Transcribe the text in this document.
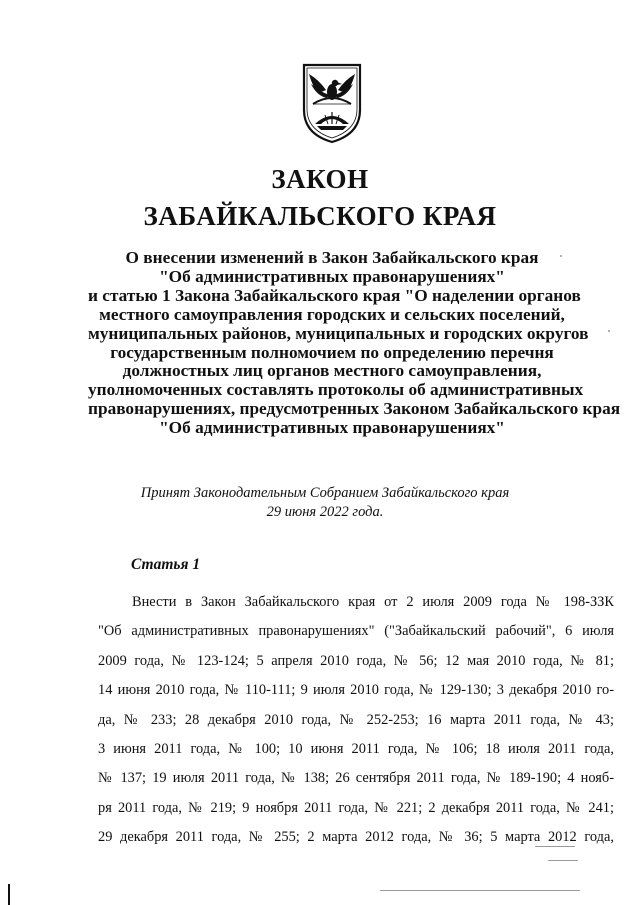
ЗАКОН
ЗАБАЙКАЛЬСКОГО КРАЯ

О внесении изменений в Закон Забайкальского края
"Об административных правонарушениях"
и статью 1 Закона Забайкальского края "О наделении органов
местного самоуправления городских и сельских поселений,
муниципальных районов, муниципальных и городских округов
государственным полномочием по определению перечня
должностных лиц органов местного самоуправления,
уполномоченных составлять протоколы об административных
правонарушениях, предусмотренных Законом Забайкальского края
"Об административных правонарушениях"

Принят Законодательным Собранием Забайкальского края
29 июня 2022 года.

Статья 1

Внести в Закон Забайкальского края от 2 июля 2009 года № 198-ЗЗК
"Об административных правонарушениях" ("Забайкальский рабочий", 6 июля
2009 года, № 123-124; 5 апреля 2010 года, № 56; 12 мая 2010 года, № 81;
14 июня 2010 года, № 110-111; 9 июля 2010 года, № 129-130; 3 декабря 2010 го-
да, № 233; 28 декабря 2010 года, № 252-253; 16 марта 2011 года, № 43;
3 июня 2011 года, № 100; 10 июня 2011 года, № 106; 18 июля 2011 года,
№ 137; 19 июля 2011 года, № 138; 26 сентября 2011 года, № 189-190; 4 нояб-
ря 2011 года, № 219; 9 ноября 2011 года, № 221; 2 декабря 2011 года, № 241;
29 декабря 2011 года, № 255; 2 марта 2012 года, № 36; 5 марта 2012 года,
